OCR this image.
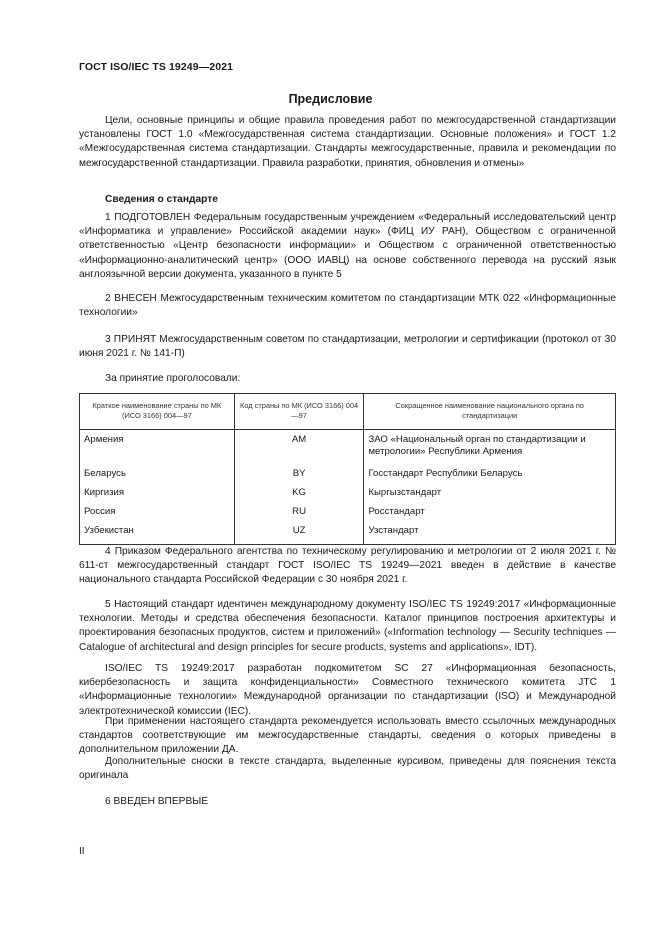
ГОСТ ISO/IEC TS 19249—2021
Предисловие

Цели, основные принципы и общие правила проведения работ по межгосударственной стандартизации установлены ГОСТ 1.0 «Межгосударственная система стандартизации. Основные положения» и ГОСТ 1.2 «Межгосударственная система стандартизации. Стандарты межгосударственные, правила и рекомендации по межгосударственной стандартизации. Правила разработки, принятия, обновления и отмены»

Сведения о стандарте

1 ПОДГОТОВЛЕН Федеральным государственным учреждением «Федеральный исследовательский центр «Информатика и управление» Российской академии наук» (ФИЦ ИУ РАН), Обществом с ограниченной ответственностью «Центр безопасности информации» и Обществом с ограниченной ответственностью «Информационно-аналитический центр» (ООО ИАВЦ) на основе собственного перевода на русский язык англоязычной версии документа, указанного в пункте 5

2 ВНЕСЕН Межгосударственным техническим комитетом по стандартизации МТК 022 «Информационные технологии»

3 ПРИНЯТ Межгосударственным советом по стандартизации, метрологии и сертификации (протокол от 30 июня 2021 г. № 141-П)

За принятие проголосовали:
Краткое наименование страны по МК (ИСО 3166) 004—97	Код страны по МК (ИСО 3166) 004—97	Сокращенное наименование национального органа по стандартизации
Армения	AM	ЗАО «Национальный орган по стандартизации и метрологии» Республики Армения
Беларусь	BY	Госстандарт Республики Беларусь
Киргизия	KG	Кыргызстандарт
Россия	RU	Росстандарт
Узбекистан	UZ	Узстандарт

4 Приказом Федерального агентства по техническому регулированию и метрологии от 2 июля 2021 г. № 611-ст межгосударственный стандарт ГОСТ ISO/IEC TS 19249—2021 введен в действие в качестве национального стандарта Российской Федерации с 30 ноября 2021 г.

5 Настоящий стандарт идентичен международному документу ISO/IEC TS 19249:2017 «Информационные технологии. Методы и средства обеспечения безопасности. Каталог принципов построения архитектуры и проектирования безопасных продуктов, систем и приложений» («Information technology — Security techniques — Catalogue of architectural and design principles for secure products, systems and applications», IDT).

ISO/IEC TS 19249:2017 разработан подкомитетом SC 27 «Информационная безопасность, кибербезопасность и защита конфиденциальности» Совместного технического комитета JTC 1 «Информационные технологии» Международной организации по стандартизации (ISO) и Международной электротехнической комиссии (IEC).

При применении настоящего стандарта рекомендуется использовать вместо ссылочных международных стандартов соответствующие им межгосударственные стандарты, сведения о которых приведены в дополнительном приложении ДА.

Дополнительные сноски в тексте стандарта, выделенные курсивом, приведены для пояснения текста оригинала

6 ВВЕДЕН ВПЕРВЫЕ
II
